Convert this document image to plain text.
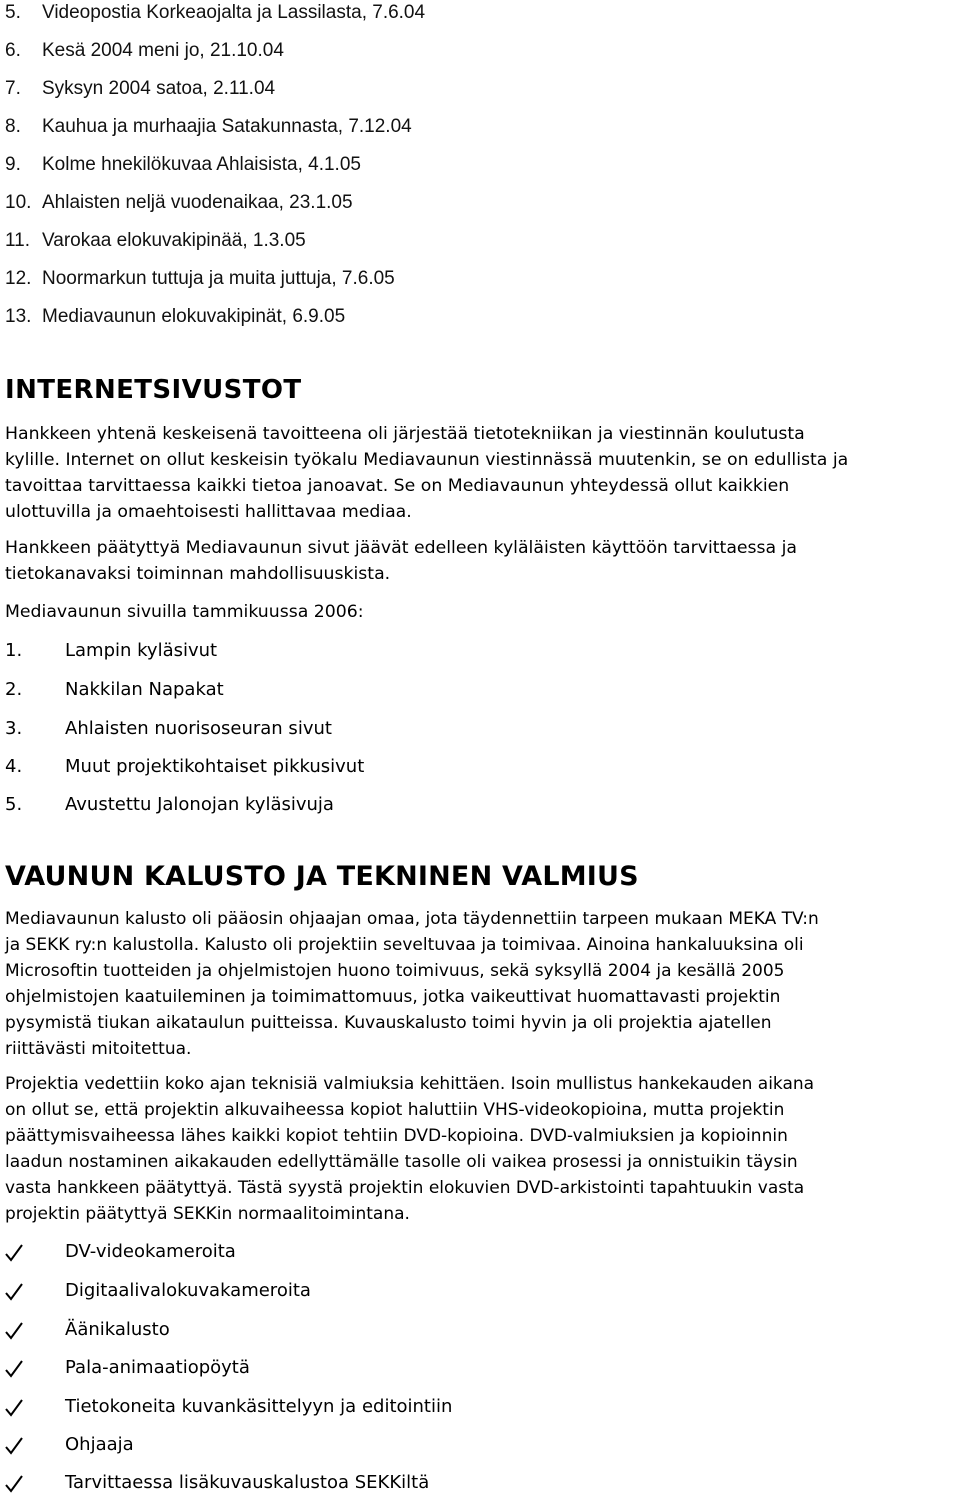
5. Videopostia Korkeaojalta ja Lassilasta, 7.6.04
6. Kesä 2004 meni jo, 21.10.04
7. Syksyn 2004 satoa, 2.11.04
8. Kauhua ja murhaajia Satakunnasta, 7.12.04
9. Kolme hnekilökuvaa Ahlaisista, 4.1.05
10. Ahlaisten neljä vuodenaikaa, 23.1.05
11. Varokaa elokuvakipinää, 1.3.05
12. Noormarkun tuttuja ja muita juttuja, 7.6.05
13. Mediavaunun elokuvakipinät, 6.9.05
INTERNETSIVUSTOT

Hankkeen yhtenä keskeisenä tavoitteena oli järjestää tietotekniikan ja viestinnän koulutusta
kylille. Internet on ollut keskeisin työkalu Mediavaunun viestinnässä muutenkin, se on edullista ja
tavoittaa tarvittaessa kaikki tietoa janoavat. Se on Mediavaunun yhteydessä ollut kaikkien
ulottuvilla ja omaehtoisesti hallittavaa mediaa.

Hankkeen päätyttyä Mediavaunun sivut jäävät edelleen kyläläisten käyttöön tarvittaessa ja
tietokanavaksi toiminnan mahdollisuuskista.

Mediavaunun sivuilla tammikuussa 2006:

1. Lampin kyläsivut
2. Nakkilan Napakat
3. Ahlaisten nuorisoseuran sivut
4. Muut projektikohtaiset pikkusivut
5. Avustettu Jalonojan kyläsivuja
VAUNUN KALUSTO JA TEKNINEN VALMIUS

Mediavaunun kalusto oli pääosin ohjaajan omaa, jota täydennettiin tarpeen mukaan MEKA TV:n
ja SEKK ry:n kalustolla. Kalusto oli projektiin seveltuvaa ja toimivaa. Ainoina hankaluuksina oli
Microsoftin tuotteiden ja ohjelmistojen huono toimivuus, sekä syksyllä 2004 ja kesällä 2005
ohjelmistojen kaatuileminen ja toimimattomuus, jotka vaikeuttivat huomattavasti projektin
pysymistä tiukan aikataulun puitteissa. Kuvauskalusto toimi hyvin ja oli projektia ajatellen
riittävästi mitoitettua.

Projektia vedettiin koko ajan teknisiä valmiuksia kehittäen. Isoin mullistus hankekauden aikana
on ollut se, että projektin alkuvaiheessa kopiot haluttiin VHS-videokopioina, mutta projektin
päättymisvaiheessa lähes kaikki kopiot tehtiin DVD-kopioina. DVD-valmiuksien ja kopioinnin
laadun nostaminen aikakauden edellyttämälle tasolle oli vaikea prosessi ja onnistuikin täysin
vasta hankkeen päätyttyä. Tästä syystä projektin elokuvien DVD-arkistointi tapahtuukin vasta
projektin päätyttyä SEKKin normaalitoimintana.

DV-videokameroita
Digitaalivalokuvakameroita
Äänikalusto
Pala-animaatiopöytä
Tietokoneita kuvankäsittelyyn ja editointiin
Ohjaaja
Tarvittaessa lisäkuvauskalustoa SEKKiltä
